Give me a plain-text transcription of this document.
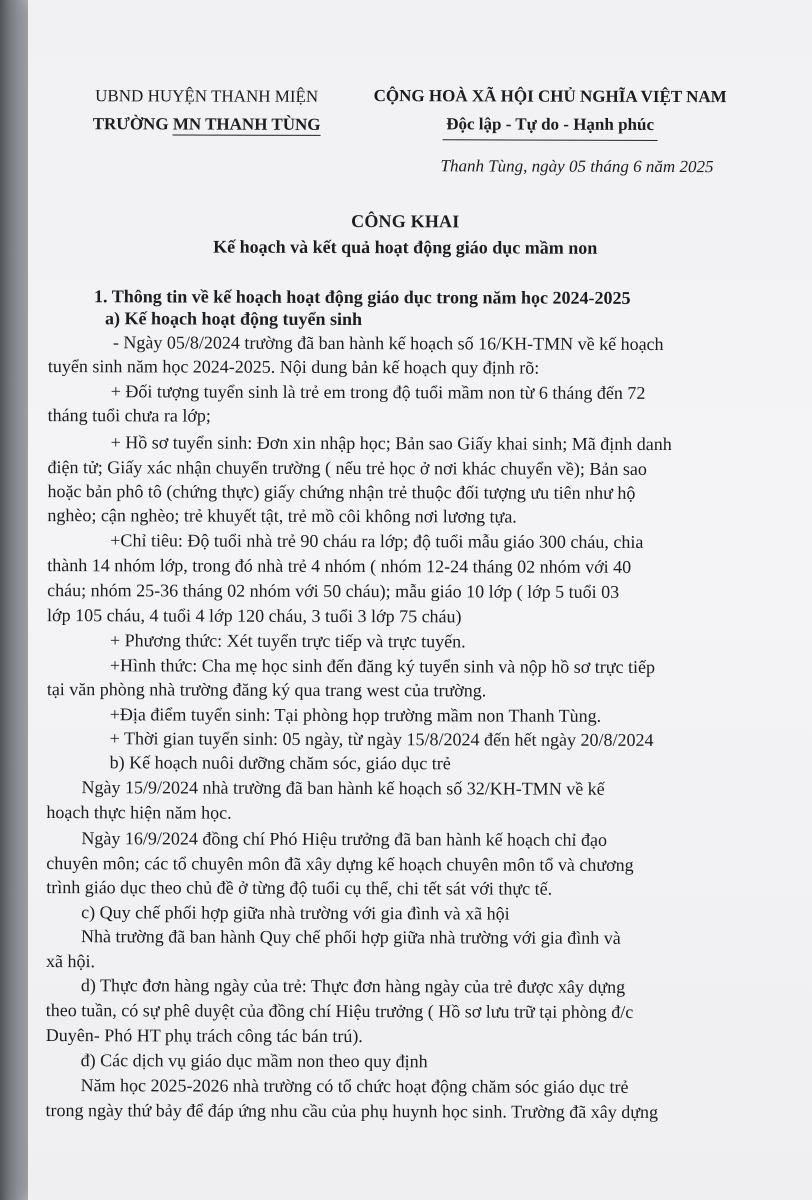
UBND HUYỆN THANH MIỆN
TRƯỜNG MN THANH TÙNG
CỘNG HOÀ XÃ HỘI CHỦ NGHĨA VIỆT NAM
Độc lập - Tự do - Hạnh phúc
Thanh Tùng, ngày 05 tháng 6 năm 2025
CÔNG KHAI
Kế hoạch và kết quả hoạt động giáo dục mầm non
1. Thông tin về kế hoạch hoạt động giáo dục trong năm học 2024-2025
a) Kế hoạch hoạt động tuyển sinh
- Ngày 05/8/2024 trường đã ban hành kế hoạch số 16/KH-TMN về kế hoạch
tuyển sinh năm học 2024-2025. Nội dung bản kế hoạch quy định rõ:
+ Đối tượng tuyển sinh là trẻ em trong độ tuổi mầm non từ 6 tháng đến 72
tháng tuổi chưa ra lớp;
+ Hồ sơ tuyển sinh: Đơn xin nhập học; Bản sao Giấy khai sinh; Mã định danh
điện tử; Giấy xác nhận chuyển trường ( nếu trẻ học ở nơi khác chuyển về); Bản sao
hoặc bản phô tô (chứng thực) giấy chứng nhận trẻ thuộc đối tượng ưu tiên như hộ
nghèo; cận nghèo; trẻ khuyết tật, trẻ mồ côi không nơi lương tựa.
+Chỉ tiêu: Độ tuổi nhà trẻ 90 cháu ra lớp; độ tuổi mẫu giáo 300 cháu, chia
thành 14 nhóm lớp, trong đó nhà trẻ 4 nhóm ( nhóm 12-24 tháng 02 nhóm với 40
cháu; nhóm 25-36 tháng 02 nhóm với 50 cháu); mẫu giáo 10 lớp ( lớp 5 tuổi 03
lớp 105 cháu, 4 tuổi 4 lớp 120 cháu, 3 tuổi 3 lớp 75 cháu)
+ Phương thức: Xét tuyển trực tiếp và trực tuyến.
+Hình thức: Cha mẹ học sinh đến đăng ký tuyển sinh và nộp hồ sơ trực tiếp
tại văn phòng nhà trường đăng ký qua trang west của trường.
+Địa điểm tuyển sinh: Tại phòng họp trường mầm non Thanh Tùng.
+ Thời gian tuyển sinh: 05 ngày, từ ngày 15/8/2024 đến hết ngày 20/8/2024
b) Kế hoạch nuôi dưỡng chăm sóc, giáo dục trẻ
Ngày 15/9/2024 nhà trường đã ban hành kế hoạch số 32/KH-TMN về kế
hoạch thực hiện năm học.
Ngày 16/9/2024 đồng chí Phó Hiệu trưởng đã ban hành kế hoạch chỉ đạo
chuyên môn; các tổ chuyên môn đã xây dựng kế hoạch chuyên môn tổ và chương
trình giáo dục theo chủ đề ở từng độ tuổi cụ thể, chi tết sát với thực tế.
c) Quy chế phối hợp giữa nhà trường với gia đình và xã hội
Nhà trường đã ban hành Quy chế phối hợp giữa nhà trường với gia đình và
xã hội.
d) Thực đơn hàng ngày của trẻ: Thực đơn hàng ngày của trẻ được xây dựng
theo tuần, có sự phê duyệt của đồng chí Hiệu trưởng ( Hồ sơ lưu trữ tại phòng đ/c
Duyên- Phó HT phụ trách công tác bán trú).
đ) Các dịch vụ giáo dục mầm non theo quy định
Năm học 2025-2026 nhà trường có tổ chức hoạt động chăm sóc giáo dục trẻ
trong ngày thứ bảy để đáp ứng nhu cầu của phụ huynh học sinh. Trường đã xây dựng
